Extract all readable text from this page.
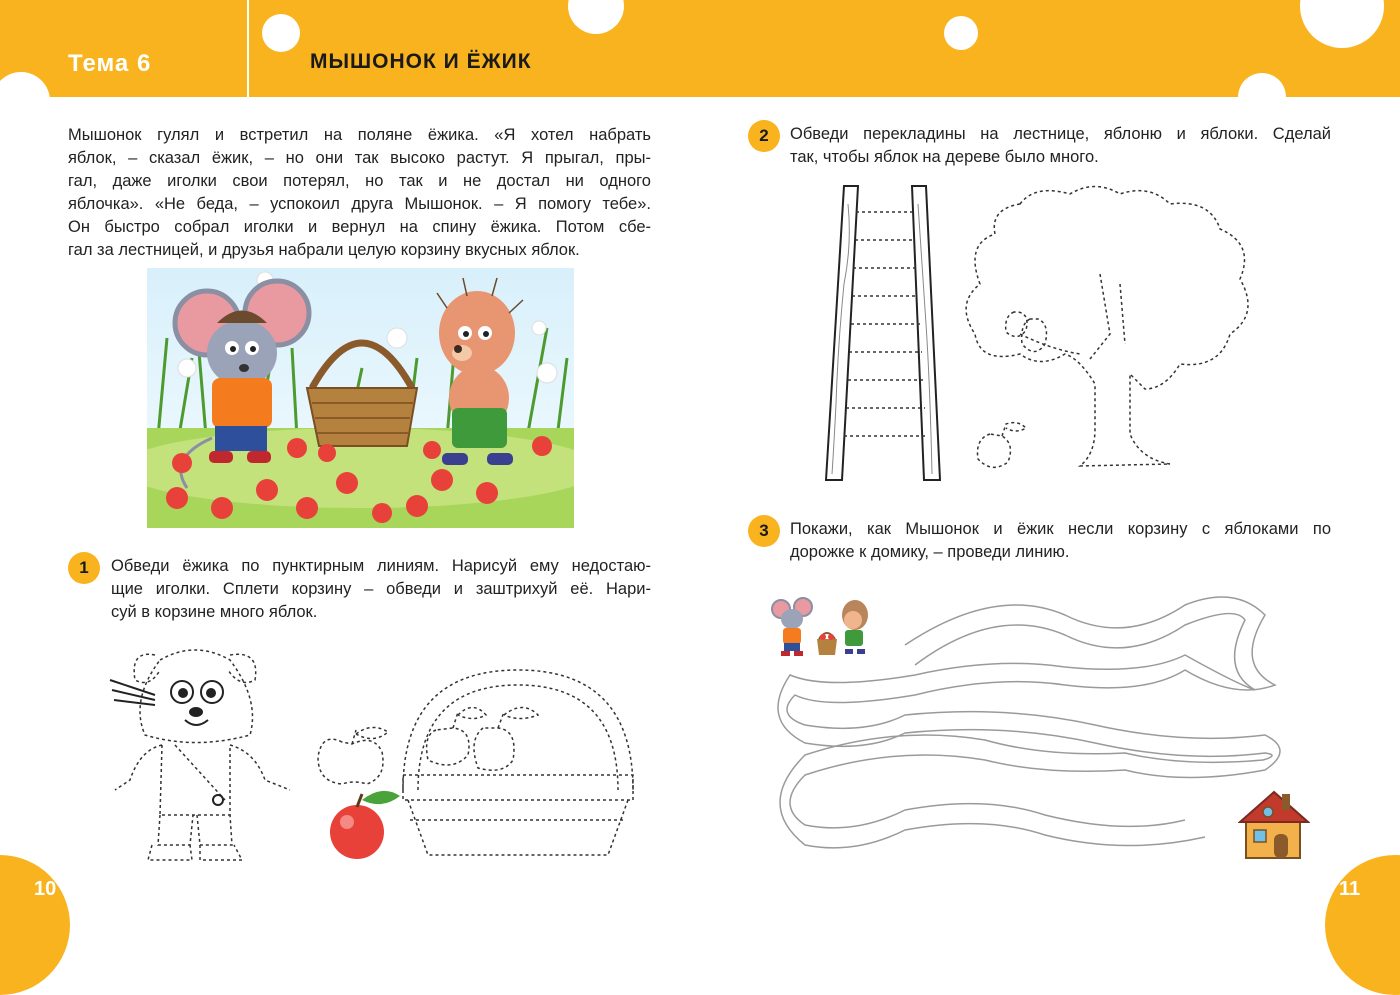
Тема 6	МЫШОНОК И ЁЖИК
Мышонок гулял и встретил на поляне ёжика. «Я хотел набрать
яблок, – сказал ёжик, – но они так высоко растут. Я прыгал, пры-
гал, даже иголки свои потерял, но так и не достал ни одного
яблочка». «Не беда, – успокоил друга Мышонок. – Я помогу тебе».
Он быстро собрал иголки и вернул на спину ёжика. Потом сбе-
гал за лестницей, и друзья набрали целую корзину вкусных яблок.
1	Обведи ёжика по пунктирным линиям. Нарисуй ему недостаю-
щие иголки. Сплети корзину – обведи и заштрихуй её. Нари-
суй в корзине много яблок.
2	Обведи перекладины на лестнице, яблоню и яблоки. Сделай
так, чтобы яблок на дереве было много.
3	Покажи, как Мышонок и ёжик несли корзину с яблоками по
дорожке к домику, – проведи линию.
10	11
